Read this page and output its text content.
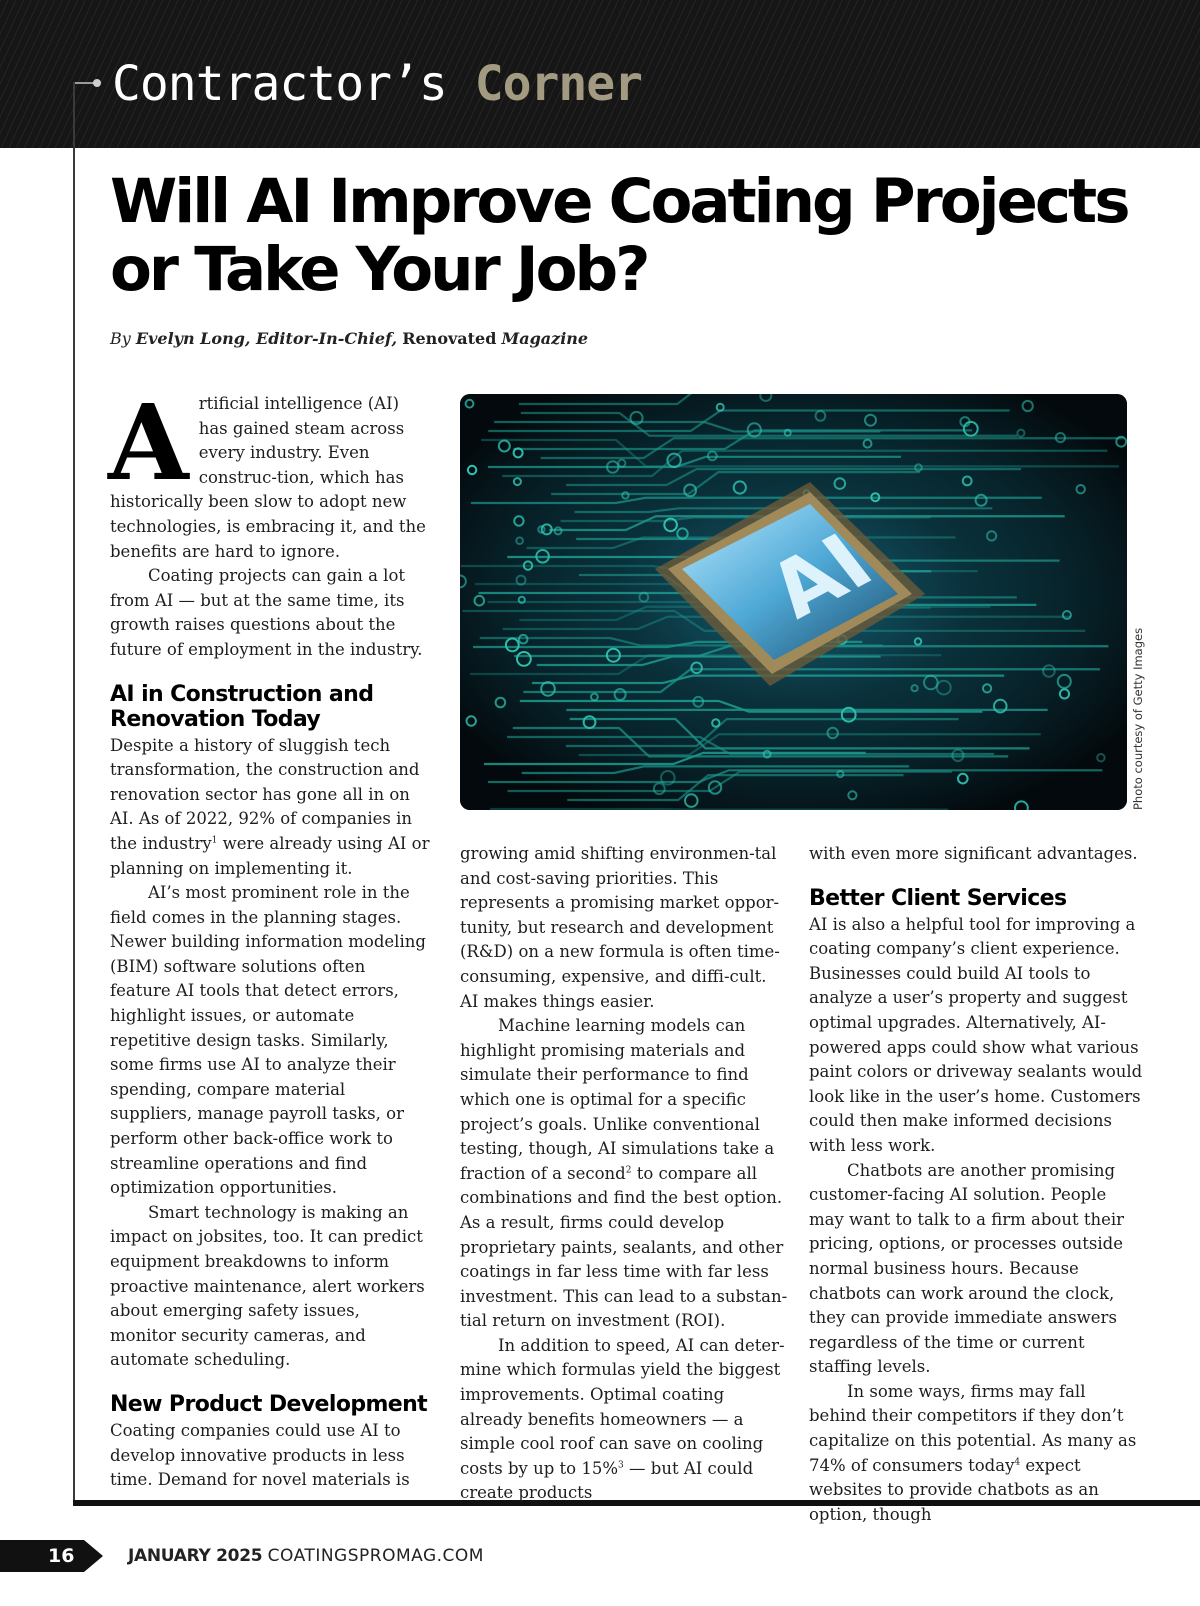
Contractor’s Corner
Will AI Improve Coating Projects or Take Your Job?
By Evelyn Long, Editor-In-Chief, Renovated Magazine

Artificial intelligence (AI) has gained steam across every industry. Even construc-tion, which has historically been slow to adopt new technologies, is embracing it, and the benefits are hard to ignore.

Coating projects can gain a lot from AI — but at the same time, its growth raises questions about the future of employment in the industry.

AI in Construction and Renovation Today

Despite a history of sluggish tech transformation, the construction and renovation sector has gone all in on AI. As of 2022, 92% of companies in the industry$^1$ were already using AI or planning on implementing it.

AI’s most prominent role in the field comes in the planning stages. Newer building information modeling (BIM) software solutions often feature AI tools that detect errors, highlight issues, or automate repetitive design tasks. Similarly, some firms use AI to analyze their spending, compare material suppliers, manage payroll tasks, or perform other back-office work to streamline operations and find optimization opportunities.

Smart technology is making an impact on jobsites, too. It can predict equipment breakdowns to inform proactive maintenance, alert workers about emerging safety issues, monitor security cameras, and automate scheduling.

New Product Development

Coating companies could use AI to develop innovative products in less time. Demand for novel materials is

AI
Photo courtesy of Getty Images

growing amid shifting environmen-tal and cost-saving priorities. This represents a promising market oppor-tunity, but research and development (R&D) on a new formula is often time-consuming, expensive, and diffi-cult. AI makes things easier.

Machine learning models can highlight promising materials and simulate their performance to find which one is optimal for a specific project’s goals. Unlike conventional testing, though, AI simulations take a fraction of a second$^2$ to compare all combinations and find the best option. As a result, firms could develop proprietary paints, sealants, and other coatings in far less time with far less investment. This can lead to a substan-tial return on investment (ROI).

In addition to speed, AI can deter-mine which formulas yield the biggest improvements. Optimal coating already benefits homeowners — a simple cool roof can save on cooling costs by up to 15%$^3$ — but AI could create products

with even more significant advantages.

Better Client Services

AI is also a helpful tool for improving a coating company’s client experience. Businesses could build AI tools to analyze a user’s property and suggest optimal upgrades. Alternatively, AI-powered apps could show what various paint colors or driveway sealants would look like in the user’s home. Customers could then make informed decisions with less work.

Chatbots are another promising customer-facing AI solution. People may want to talk to a firm about their pricing, options, or processes outside normal business hours. Because chatbots can work around the clock, they can provide immediate answers regardless of the time or current staffing levels.

In some ways, firms may fall behind their competitors if they don’t capitalize on this potential. As many as 74% of consumers today$^4$ expect websites to provide chatbots as an option, though

16	JANUARY 2025 COATINGSPROMAG.COM
